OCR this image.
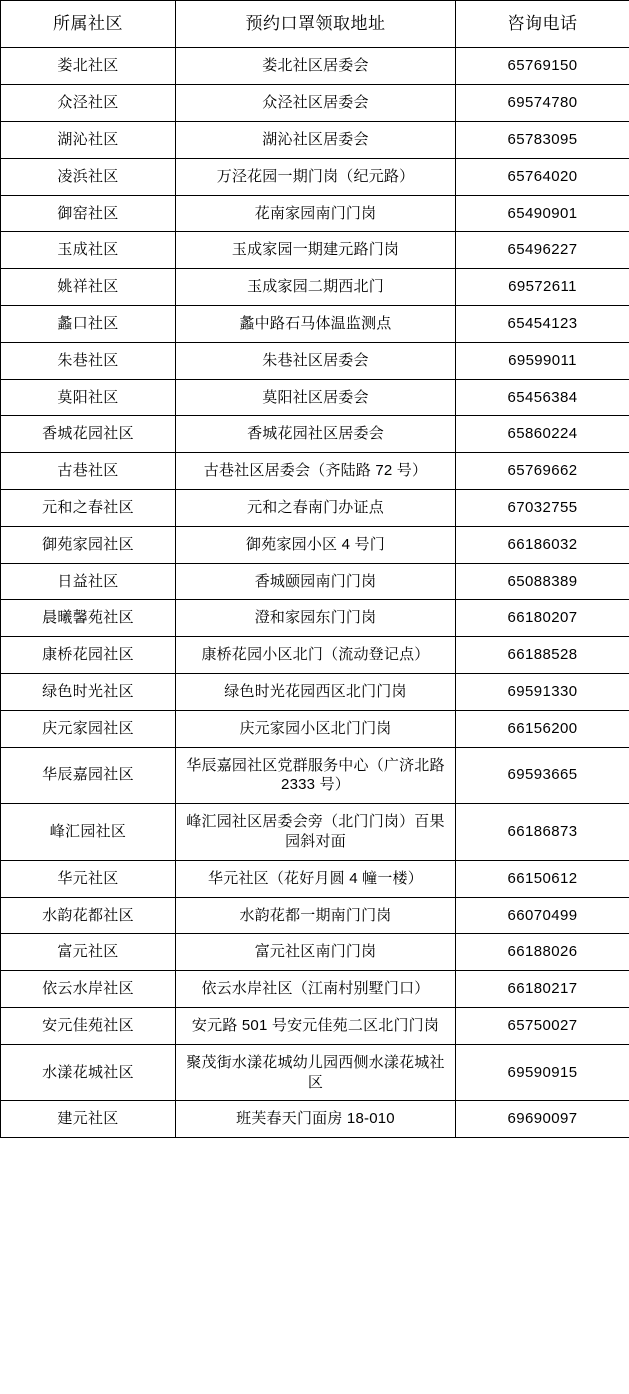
所属社区	预约口罩领取地址	咨询电话
娄北社区	娄北社区居委会	65769150
众泾社区	众泾社区居委会	69574780
湖沁社区	湖沁社区居委会	65783095
凌浜社区	万泾花园一期门岗（纪元路）	65764020
御窑社区	花南家园南门门岗	65490901
玉成社区	玉成家园一期建元路门岗	65496227
姚祥社区	玉成家园二期西北门	69572611
蠡口社区	蠡中路石马体温监测点	65454123
朱巷社区	朱巷社区居委会	69599011
莫阳社区	莫阳社区居委会	65456384
香城花园社区	香城花园社区居委会	65860224
古巷社区	古巷社区居委会（齐陆路 72 号）	65769662
元和之春社区	元和之春南门办证点	67032755
御苑家园社区	御苑家园小区 4 号门	66186032
日益社区	香城颐园南门门岗	65088389
晨曦馨苑社区	澄和家园东门门岗	66180207
康桥花园社区	康桥花园小区北门（流动登记点）	66188528
绿色时光社区	绿色时光花园西区北门门岗	69591330
庆元家园社区	庆元家园小区北门门岗	66156200
华辰嘉园社区	华辰嘉园社区党群服务中心（广济北路 2333 号）	69593665
峰汇园社区	峰汇园社区居委会旁（北门门岗）百果园斜对面	66186873
华元社区	华元社区（花好月圆 4 幢一楼）	66150612
水韵花都社区	水韵花都一期南门门岗	66070499
富元社区	富元社区南门门岗	66188026
依云水岸社区	依云水岸社区（江南村别墅门口）	66180217
安元佳苑社区	安元路 501 号安元佳苑二区北门门岗	65750027
水漾花城社区	聚茂街水漾花城幼儿园西侧水漾花城社区	69590915
建元社区	班芙春天门面房 18-010	69690097
